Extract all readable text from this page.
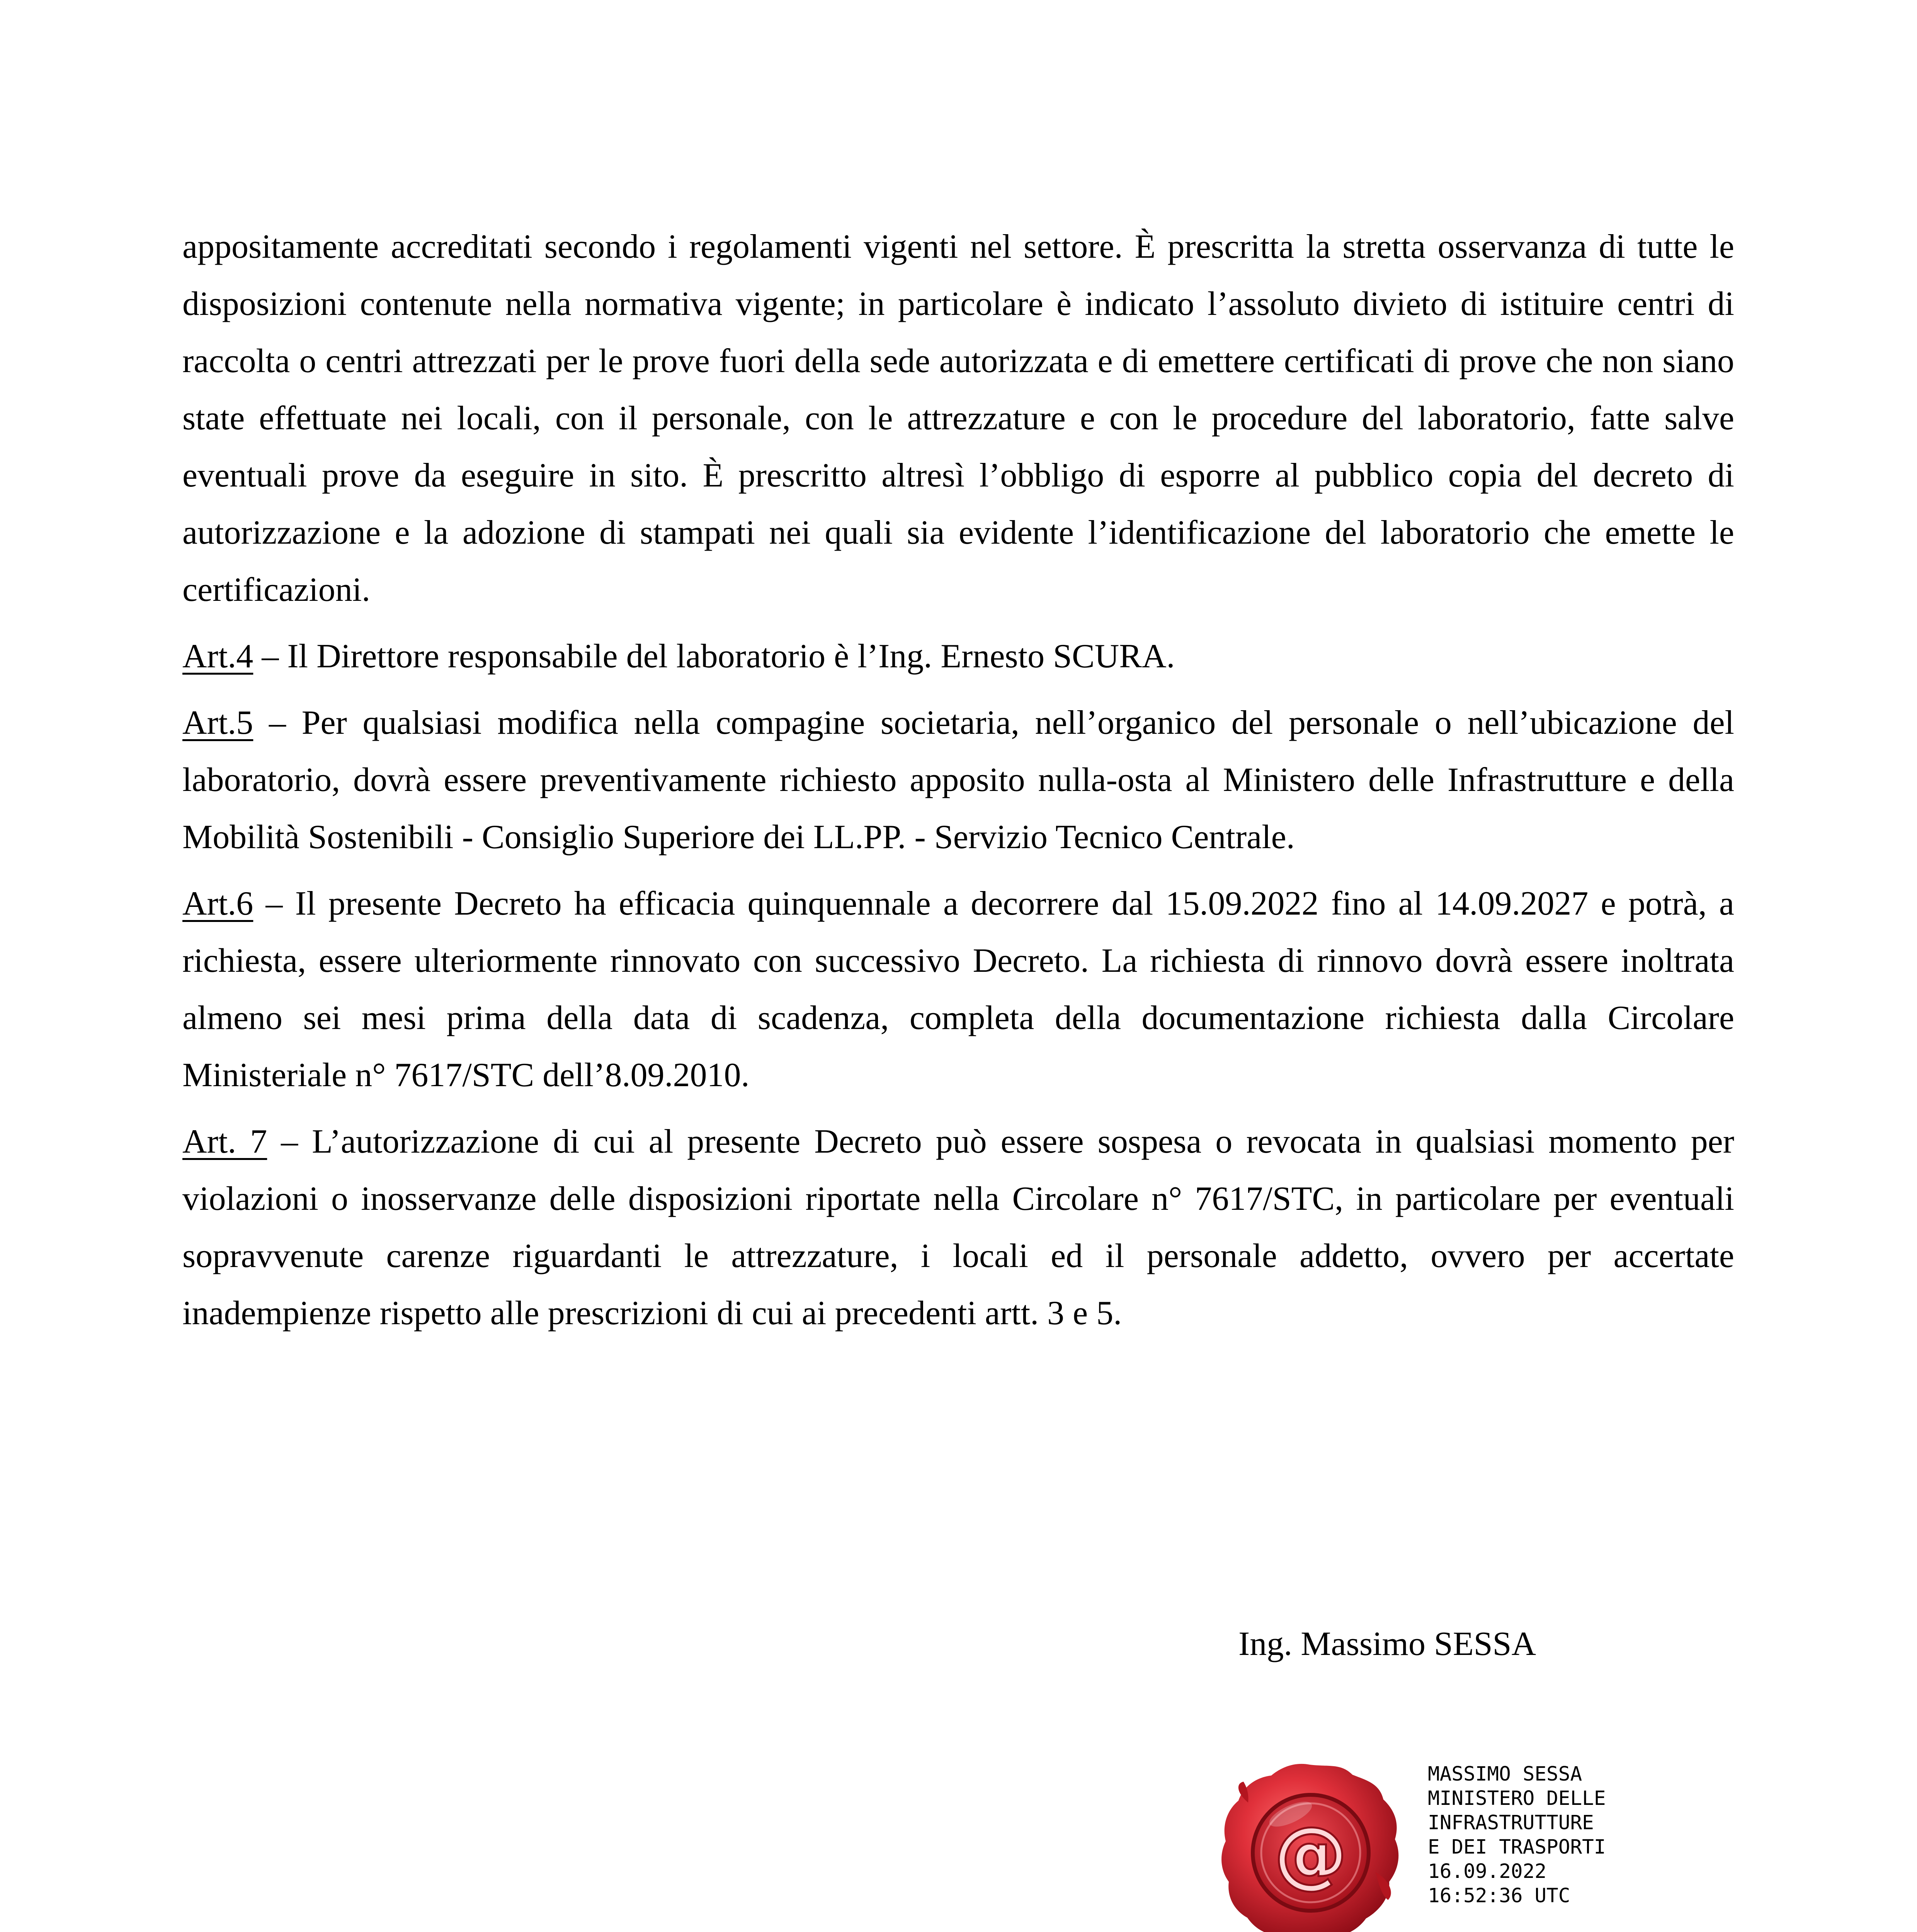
appositamente accreditati secondo i regolamenti vigenti nel settore. È prescritta la stretta osservanza di tutte le disposizioni contenute nella normativa vigente; in particolare è indicato l’assoluto divieto di istituire centri di raccolta o centri attrezzati per le prove fuori della sede autorizzata e di emettere certificati di prove che non siano state effettuate nei locali, con il personale, con le attrezzature e con le procedure del laboratorio, fatte salve eventuali prove da eseguire in sito. È prescritto altresì l’obbligo di esporre al pubblico copia del decreto di autorizzazione e la adozione di stampati nei quali sia evidente l’identificazione del laboratorio che emette le certificazioni.

Art.4 – Il Direttore responsabile del laboratorio è l’Ing. Ernesto SCURA.

Art.5 – Per qualsiasi modifica nella compagine societaria, nell’organico del personale o nell’ubicazione del laboratorio, dovrà essere preventivamente richiesto apposito nulla-osta al Ministero delle Infrastrutture e della Mobilità Sostenibili - Consiglio Superiore dei LL.PP. - Servizio Tecnico Centrale.

Art.6 – Il presente Decreto ha efficacia quinquennale a decorrere dal 15.09.2022 fino al 14.09.2027 e potrà, a richiesta, essere ulteriormente rinnovato con successivo Decreto. La richiesta di rinnovo dovrà essere inoltrata almeno sei mesi prima della data di scadenza, completa della documentazione richiesta dalla Circolare Ministeriale n° 7617/STC dell’8.09.2010.

Art. 7 – L’autorizzazione di cui al presente Decreto può essere sospesa o revocata in qualsiasi momento per violazioni o inosservanze delle disposizioni riportate nella Circolare n° 7617/STC, in particolare per eventuali sopravvenute carenze riguardanti le attrezzature, i locali ed il personale addetto, ovvero per accertate inadempienze rispetto alle prescrizioni di cui ai precedenti artt. 3 e 5.

Ing. Massimo SESSA
@
MASSIMO SESSA
MINISTERO DELLE
INFRASTRUTTURE
E DEI TRASPORTI
16.09.2022
16:52:36 UTC
